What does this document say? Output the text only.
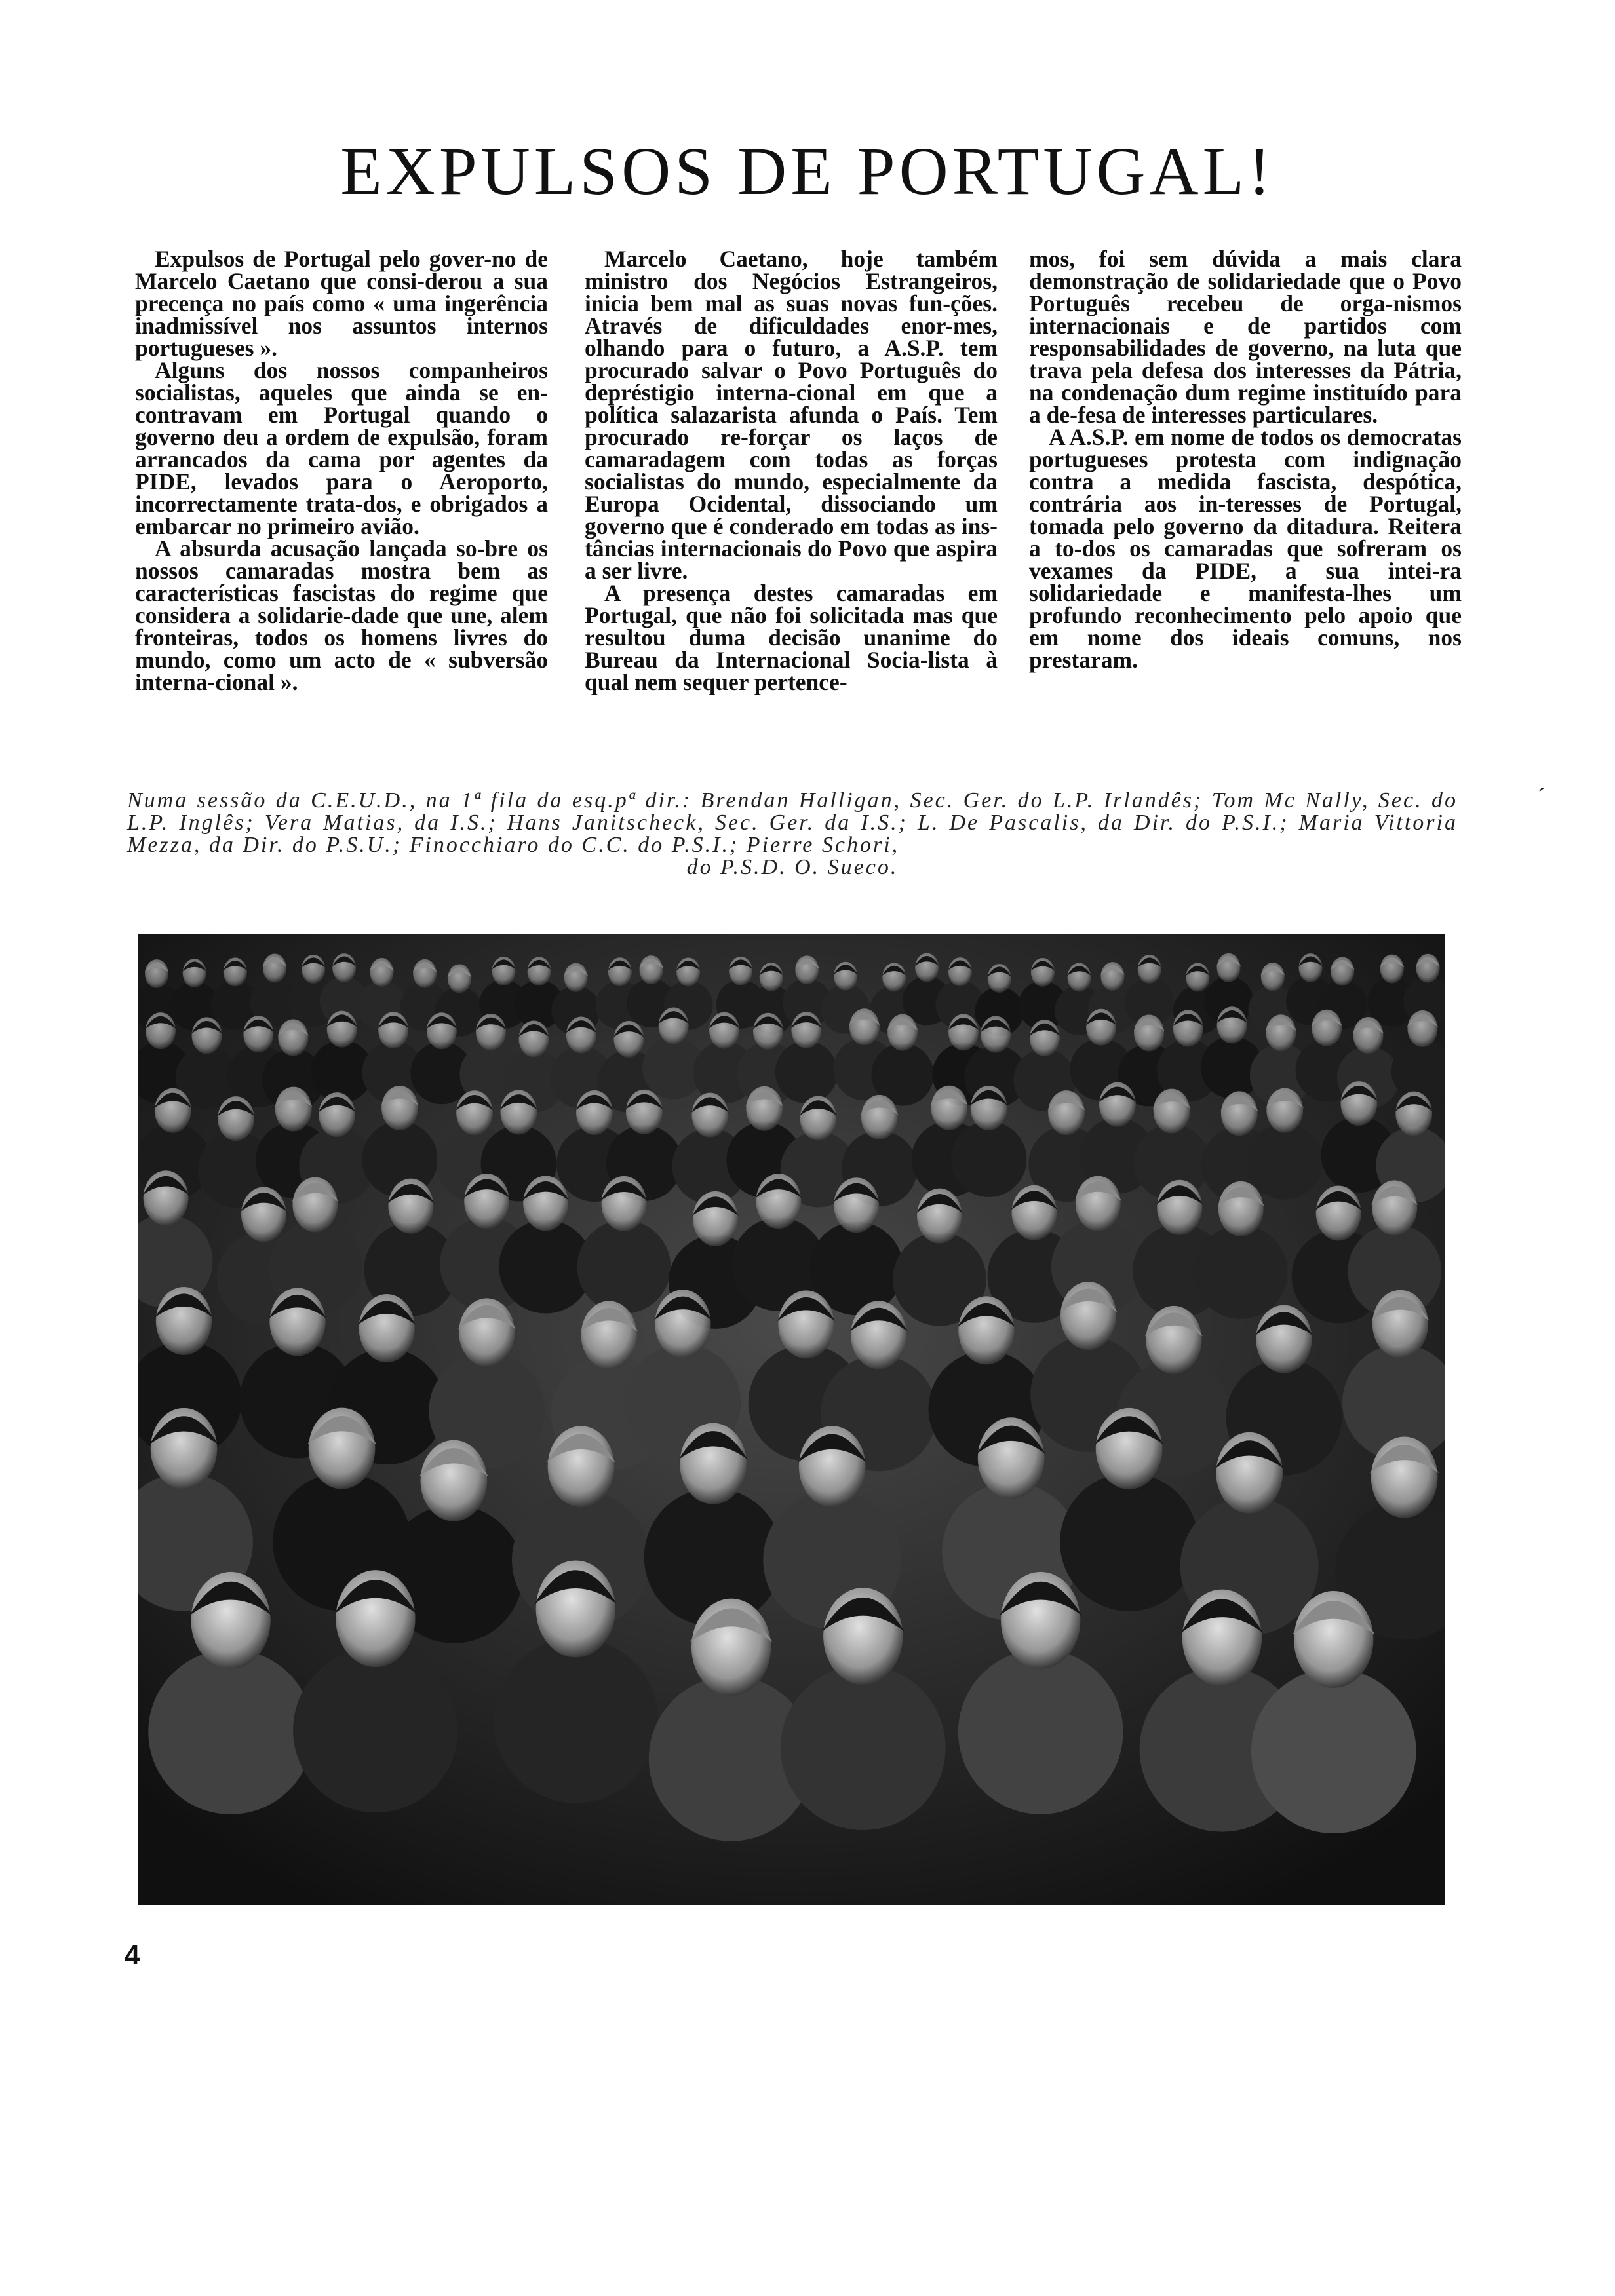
EXPULSOS DE PORTUGAL!

Expulsos de Portugal pelo gover-no de Marcelo Caetano que consi-derou a sua precença no país como « uma ingerência inadmissível nos assuntos internos portugueses ».

Alguns dos nossos companheiros socialistas, aqueles que ainda se en-contravam em Portugal quando o governo deu a ordem de expulsão, foram arrancados da cama por agentes da PIDE, levados para o Aeroporto, incorrectamente trata-dos, e obrigados a embarcar no primeiro avião.

A absurda acusação lançada so-bre os nossos camaradas mostra bem as características fascistas do regime que considera a solidarie-dade que une, alem fronteiras, todos os homens livres do mundo, como um acto de « subversão interna-cional ».

Marcelo Caetano, hoje também ministro dos Negócios Estrangeiros, inicia bem mal as suas novas fun-ções. Através de dificuldades enor-mes, olhando para o futuro, a A.S.P. tem procurado salvar o Povo Português do depréstigio interna-cional em que a política salazarista afunda o País. Tem procurado re-forçar os laços de camaradagem com todas as forças socialistas do mundo, especialmente da Europa Ocidental, dissociando um governo que é conderado em todas as ins-tâncias internacionais do Povo que aspira a ser livre.

A presença destes camaradas em Portugal, que não foi solicitada mas que resultou duma decisão unanime do Bureau da Internacional Socia-lista à qual nem sequer pertence-

mos, foi sem dúvida a mais clara demonstração de solidariedade que o Povo Português recebeu de orga-nismos internacionais e de partidos com responsabilidades de governo, na luta que trava pela defesa dos interesses da Pátria, na condenação dum regime instituído para a de-fesa de interesses particulares.

A A.S.P. em nome de todos os democratas portugueses protesta com indignação contra a medida fascista, despótica, contrária aos in-teresses de Portugal, tomada pelo governo da ditadura. Reitera a to-dos os camaradas que sofreram os vexames da PIDE, a sua intei-ra solidariedade e manifesta-lhes um profundo reconhecimento pelo apoio que em nome dos ideais comuns, nos prestaram.

´
Numa sessão da C.E.U.D., na 1ª fila da esq.pª dir.: Brendan Halligan, Sec. Ger. do L.P. Irlandês; Tom Mc Nally, Sec. do L.P. Inglês; Vera Matias, da I.S.; Hans Janitscheck, Sec. Ger. da I.S.; L. De Pascalis, da Dir. do P.S.I.; Maria Vittoria Mezza, da Dir. do P.S.U.; Finocchiaro do C.C. do P.S.I.; Pierre Schori,
do P.S.D. O. Sueco.
4
